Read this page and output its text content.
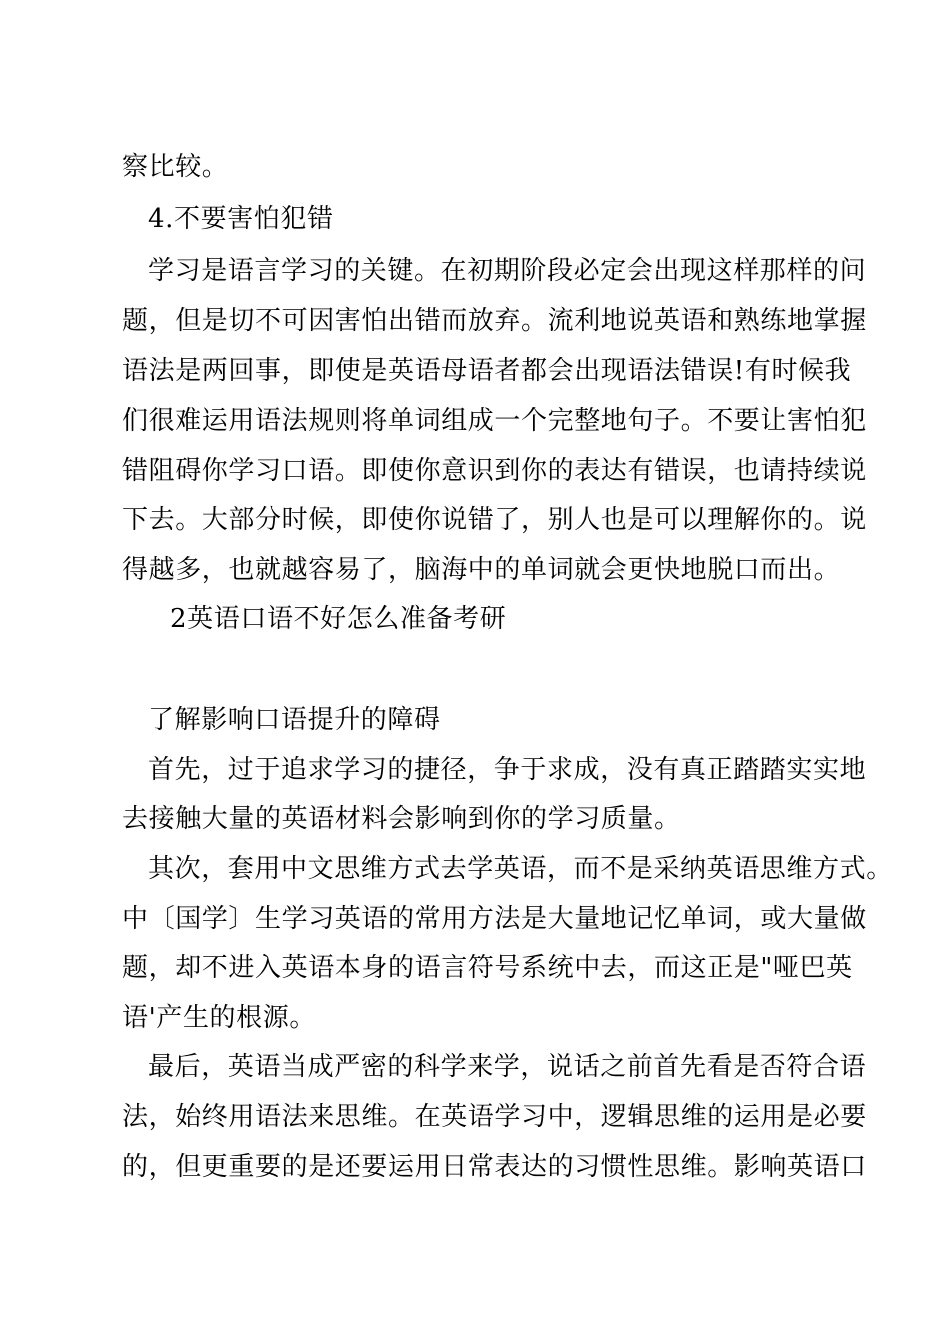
察比较。
4.不要害怕犯错
学习是语言学习的关键。在初期阶段必定会出现这样那样的问
题，但是切不可因害怕出错而放弃。流利地说英语和熟练地掌握
语法是两回事，即使是英语母语者都会出现语法错误!有时候我
们很难运用语法规则将单词组成一个完整地句子。不要让害怕犯
错阻碍你学习口语。即使你意识到你的表达有错误，也请持续说
下去。大部分时候，即使你说错了，别人也是可以理解你的。说
得越多，也就越容易了，脑海中的单词就会更快地脱口而出。
2英语口语不好怎么准备考研
了解影响口语提升的障碍
首先，过于追求学习的捷径，争于求成，没有真正踏踏实实地
去接触大量的英语材料会影响到你的学习质量。
其次，套用中文思维方式去学英语，而不是采纳英语思维方式。
中〔国学〕生学习英语的常用方法是大量地记忆单词，或大量做
题，却不进入英语本身的语言符号系统中去，而这正是"哑巴英
语'产生的根源。
最后，英语当成严密的科学来学，说话之前首先看是否符合语
法，始终用语法来思维。在英语学习中，逻辑思维的运用是必要
的，但更重要的是还要运用日常表达的习惯性思维。影响英语口
